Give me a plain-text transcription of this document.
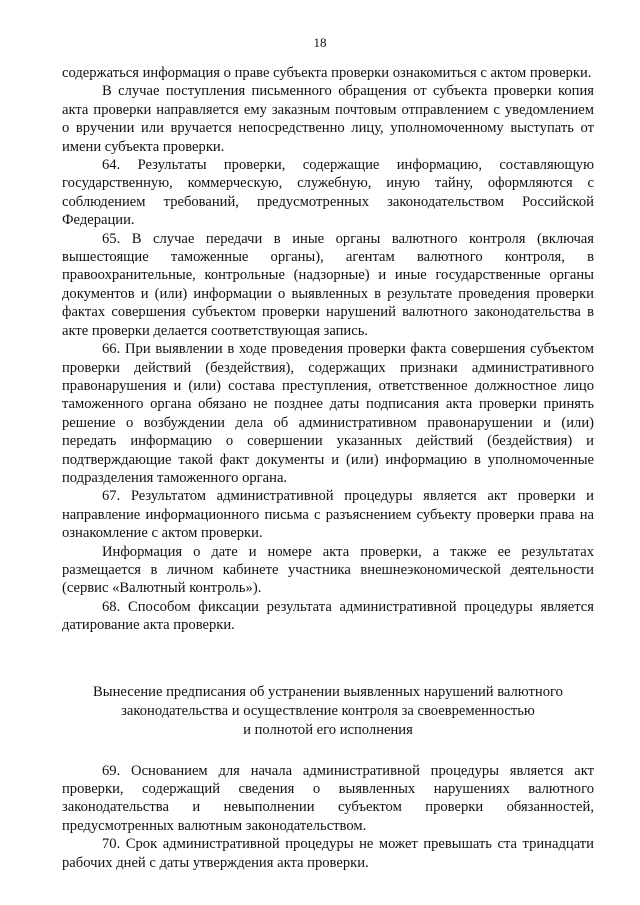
18

содержаться информация о праве субъекта проверки ознакомиться с актом проверки.

В случае поступления письменного обращения от субъекта проверки копия акта проверки направляется ему заказным почтовым отправлением с уведомлением о вручении или вручается непосредственно лицу, уполномоченному выступать от имени субъекта проверки.

64. Результаты проверки, содержащие информацию, составляющую государственную, коммерческую, служебную, иную тайну, оформляются с соблюдением требований, предусмотренных законодательством Российской Федерации.

65. В случае передачи в иные органы валютного контроля (включая вышестоящие таможенные органы), агентам валютного контроля, в правоохранительные, контрольные (надзорные) и иные государственные органы документов и (или) информации о выявленных в результате проведения проверки фактах совершения субъектом проверки нарушений валютного законодательства в акте проверки делается соответствующая запись.

66. При выявлении в ходе проведения проверки факта совершения субъектом проверки действий (бездействия), содержащих признаки административного правонарушения и (или) состава преступления, ответственное должностное лицо таможенного органа обязано не позднее даты подписания акта проверки принять решение о возбуждении дела об административном правонарушении и (или) передать информацию о совершении указанных действий (бездействия) и подтверждающие такой факт документы и (или) информацию в уполномоченные подразделения таможенного органа.

67. Результатом административной процедуры является акт проверки и направление информационного письма с разъяснением субъекту проверки права на ознакомление с актом проверки.

Информация о дате и номере акта проверки, а также ее результатах размещается в личном кабинете участника внешнеэкономической деятельности (сервис «Валютный контроль»).

68. Способом фиксации результата административной процедуры является датирование акта проверки.

Вынесение предписания об устранении выявленных нарушений валютного
законодательства и осуществление контроля за своевременностью
и полнотой его исполнения

69. Основанием для начала административной процедуры является акт проверки, содержащий сведения о выявленных нарушениях валютного законодательства и невыполнении субъектом проверки обязанностей, предусмотренных валютным законодательством.

70. Срок административной процедуры не может превышать ста тринадцати рабочих дней с даты утверждения акта проверки.
